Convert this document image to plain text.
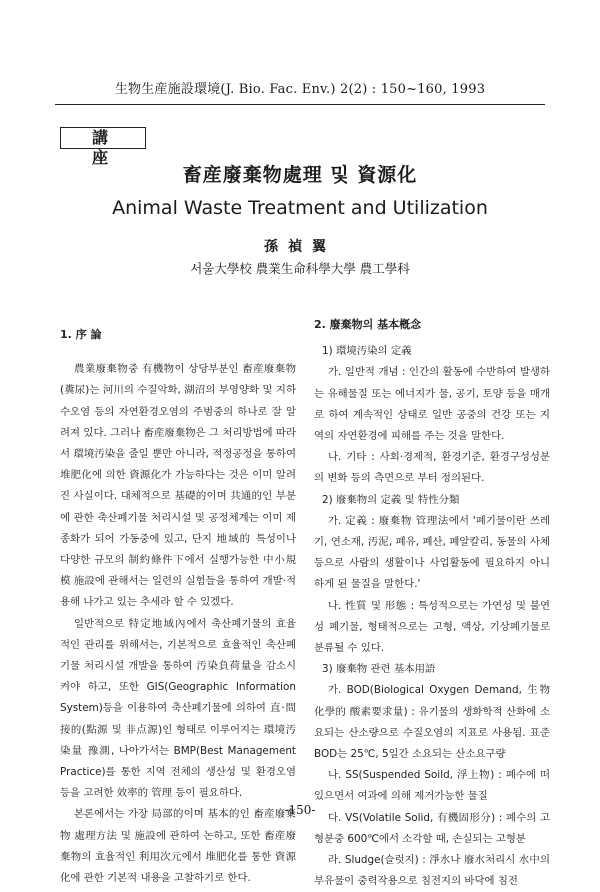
生物生産施設環境(J. Bio. Fac. Env.) 2(2) : 150~160, 1993
講座
畜産廢棄物處理 및 資源化
Animal Waste Treatment and Utilization
孫禎翼
서울大學校 農業生命科學大學 農工學科
1. 序 論

農業廢棄物중 有機物이 상당부분인 畜産廢棄物(糞尿)는 河川의 수질악화, 湖沼의 부영양화 및 지하수오염 등의 자연환경오염의 주범중의 하나로 잘 알려져 있다. 그러나 畜産廢棄物은 그 처리방법에 따라서 環境汚染을 줄일 뿐만 아니라, 적정공정을 통하여 堆肥化에 의한 資源化가 가능하다는 것은 이미 알려진 사실이다. 대체적으로 基礎的이며 共通的인 부분에 관한 축산폐기물 처리시설 및 공정체계는 이미 제종화가 되어 가동중에 있고, 단지 地域的 특성이나 다양한 규모의 制約條件下에서 실행가능한 中小規模 施設에 관해서는 일련의 실험들을 통하여 개발·적용해 나가고 있는 추세라 할 수 있겠다.

일반적으로 特定地域內에서 축산폐기물의 효율적인 관리를 위해서는, 기본적으로 효율적인 축산폐기물 처리시설 개발을 통하여 汚染負荷量을 감소시켜야 하고, 또한 GIS(Geographic Information System)등을 이용하여 축산폐기물에 의하여 直·間接的(點源 및 非点源)인 형태로 이루어지는 環境汚染量 豫測, 나아가서는 BMP(Best Management Practice)를 통한 지역 전체의 생산성 및 환경오염 등을 고려한 效率的 管理 등이 필요하다.

본론에서는 가장 局部的이며 基本的인 畜産廢棄物 處理方法 및 施設에 관하여 논하고, 또한 畜産廢棄物의 효율적인 利用次元에서 堆肥化를 통한 資源化에 관한 기본적 내용을 고찰하기로 한다.

2. 廢棄物의 基本槪念
1) 環境汚染의 定義

가. 일반적 개념 : 인간의 활동에 수반하여 발생하는 유해물질 또는 에너지가 물, 공기, 토양 등을 매개로 하여 계속적인 상태로 일반 공중의 건강 또는 지역의 자연환경에 피해를 주는 것을 말한다.

나. 기타 : 사회·경제적, 환경기준, 환경구성성분의 변화 등의 측면으로 부터 정의된다.

2) 廢棄物의 定義 및 特性分類

가. 定義 : 廢棄物 管理法에서 '폐기물이란 쓰레기, 연소재, 汚泥, 폐유, 폐산, 폐알칼리, 동물의 사체 등으로 사람의 생활이나 사업활동에 필요하지 아니하게 된 물질을 말한다.'

나. 性質 및 形態 : 특성적으로는 가연성 및 불연성 폐기물, 형태적으로는 고형, 액상, 기상폐기물로 분류될 수 있다.

3) 廢棄物 관련 基本用語

가. BOD(Biological Oxygen Demand, 生物化學的 酸素要求量) : 유기물의 생화학적 산화에 소요되는 산소량으로 수질오염의 지표로 사용됨. 표준 BOD는 25℃, 5일간 소요되는 산소요구량

나. SS(Suspended Soild, 浮上物) : 폐수에 떠 있으면서 여과에 의해 제거가능한 물질

다. VS(Volatile Solid, 有機固形分) : 폐수의 고형분중 600℃에서 소각할 때, 손실되는 고형분

라. Sludge(슬럿지) : 淨水나 廢水처리시 水中의 부유물이 중력작용으로 침전지의 바닥에 침전

-150-
